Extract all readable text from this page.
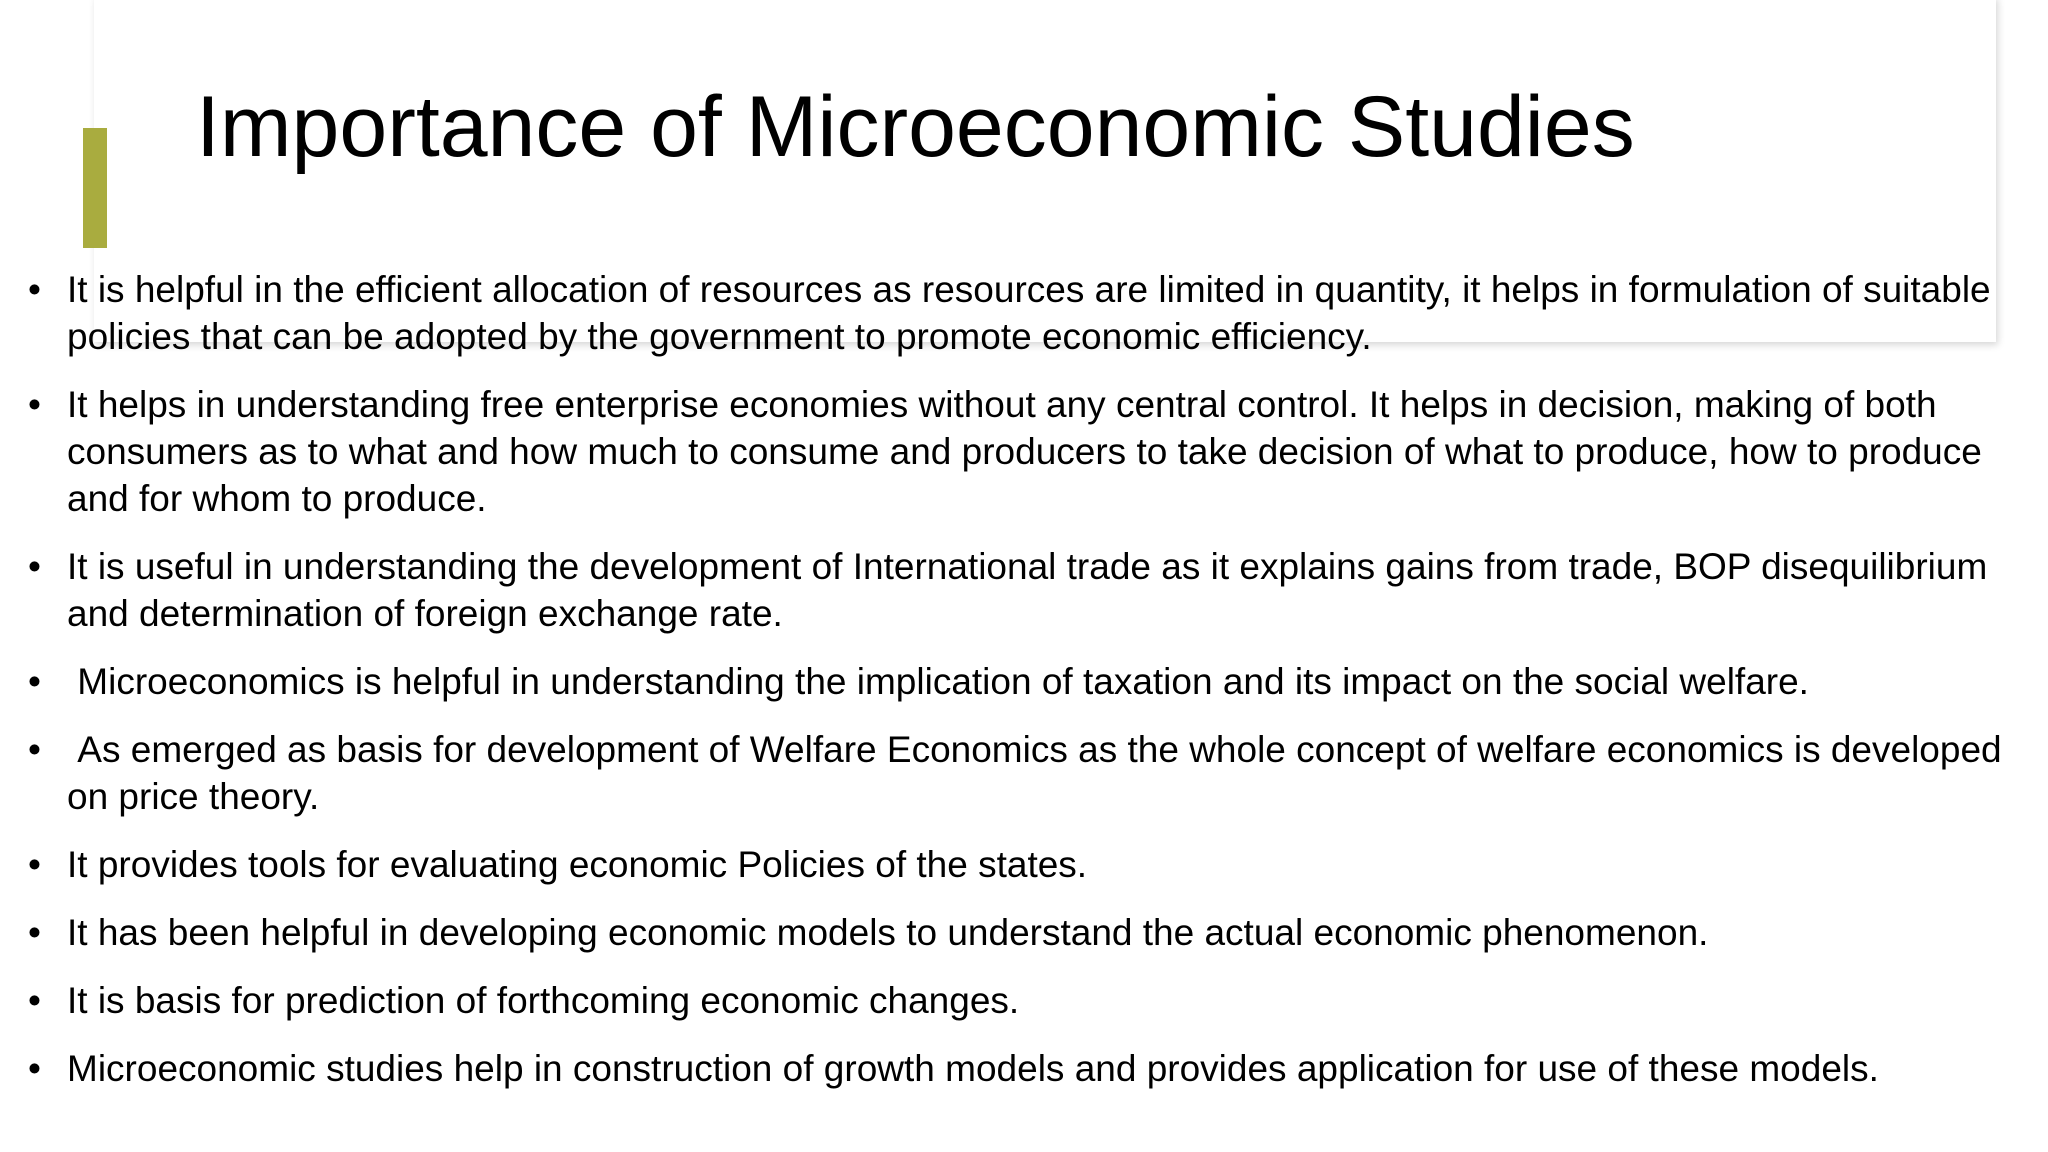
Importance of Microeconomic Studies
• It is helpful in the efficient allocation of resources as resources are limited in quantity, it helps in formulation of suitable policies that can be adopted by the government to promote economic efficiency.
• It helps in understanding free enterprise economies without any central control. It helps in decision, making of both consumers as to what and how much to consume and producers to take decision of what to produce, how to produce and for whom to produce.
• It is useful in understanding the development of International trade as it explains gains from trade, BOP disequilibrium and determination of foreign exchange rate.
• Microeconomics is helpful in understanding the implication of taxation and its impact on the social welfare.
• As emerged as basis for development of Welfare Economics as the whole concept of welfare economics is developed on price theory.
• It provides tools for evaluating economic Policies of the states.
• It has been helpful in developing economic models to understand the actual economic phenomenon.
• It is basis for prediction of forthcoming economic changes.
• Microeconomic studies help in construction of growth models and provides application for use of these models.
